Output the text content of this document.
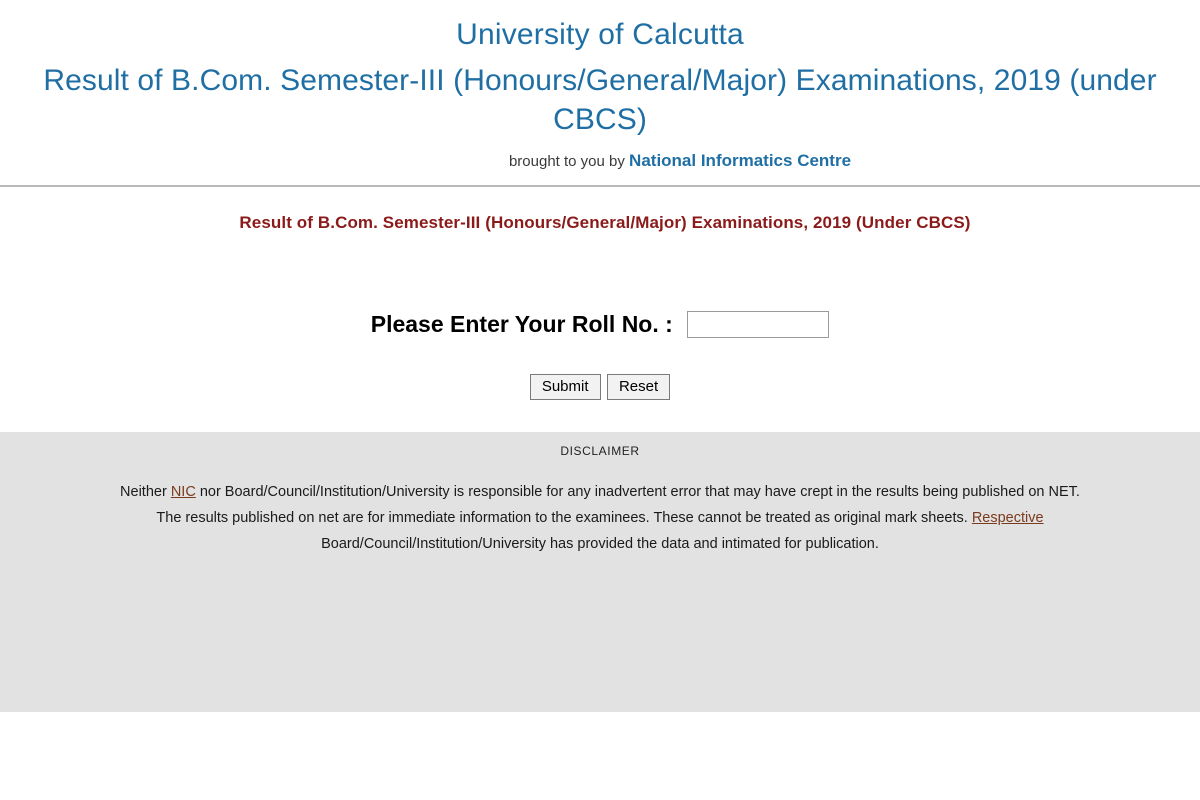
University of Calcutta
Result of B.Com. Semester-III (Honours/General/Major) Examinations, 2019 (under CBCS)
brought to you by National Informatics Centre
Result of B.Com. Semester-III (Honours/General/Major) Examinations, 2019 (Under CBCS)
Please Enter Your Roll No. :
Submit Reset
DISCLAIMER
Neither NIC nor Board/Council/Institution/University is responsible for any inadvertent error that may have crept in the results being published on NET.
The results published on net are for immediate information to the examinees. These cannot be treated as original mark sheets. Respective
Board/Council/Institution/University has provided the data and intimated for publication.
